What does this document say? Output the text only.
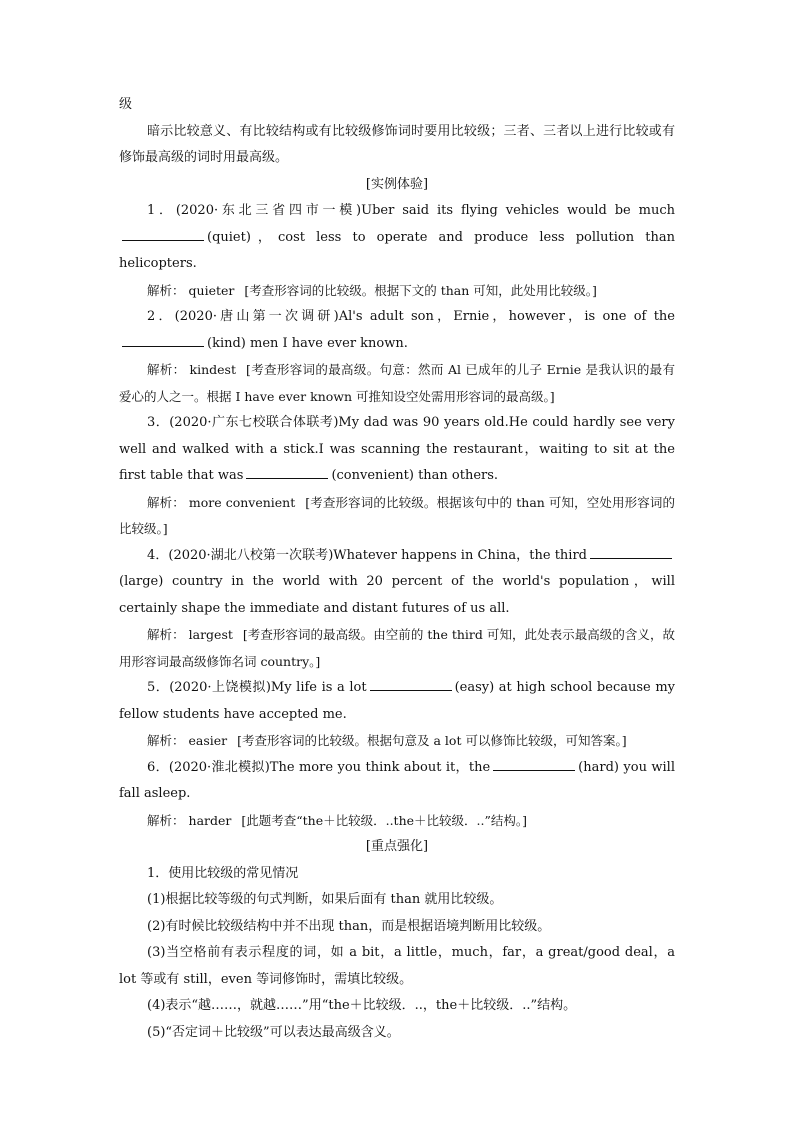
级

暗示比较意义、有比较结构或有比较级修饰词时要用比较级；三者、三者以上进行比较或有修饰最高级的词时用最高级。

[实例体验]

1．(2020·东北三省四市一模)Uber said its flying vehicles would be much(quiet)，cost less to operate and produce less pollution than helicopters.

解析： quieter [考查形容词的比较级。根据下文的 than 可知，此处用比较级。]

2．(2020·唐山第一次调研)Al's adult son，Ernie，however，is one of the(kind) men I have ever known.

解析： kindest [考查形容词的最高级。句意：然而 Al 已成年的儿子 Ernie 是我认识的最有爱心的人之一。根据 I have ever known 可推知设空处需用形容词的最高级。]

3．(2020·广东七校联合体联考)My dad was 90 years old.He could hardly see very well and walked with a stick.I was scanning the restaurant，waiting to sit at the first table that was	(convenient) than others.

解析： more convenient [考查形容词的比较级。根据该句中的 than 可知，空处用形容词的比较级。]

4．(2020·湖北八校第一次联考)Whatever happens in China，the third(large) country in the world with 20 percent of the world's population，will certainly shape the immediate and distant futures of us all.

解析： largest [考查形容词的最高级。由空前的 the third 可知，此处表示最高级的含义，故用形容词最高级修饰名词 country。]

5．(2020·上饶模拟)My life is a lot	(easy) at high school because my fellow students have accepted me.

解析： easier [考查形容词的比较级。根据句意及 a lot 可以修饰比较级，可知答案。]

6．(2020·淮北模拟)The more you think about it，the	(hard) you will fall asleep.

解析： harder [此题考查“the＋比较级．..the＋比较级．..”结构。]

[重点强化]

1．使用比较级的常见情况

(1)根据比较等级的句式判断，如果后面有 than 就用比较级。

(2)有时候比较级结构中并不出现 than，而是根据语境判断用比较级。

(3)当空格前有表示程度的词，如 a bit，a little，much，far，a great/good deal，a lot 等或有 still，even 等词修饰时，需填比较级。

(4)表示“越……，就越……”用“the＋比较级．..，the＋比较级．..”结构。

(5)“否定词＋比较级”可以表达最高级含义。
